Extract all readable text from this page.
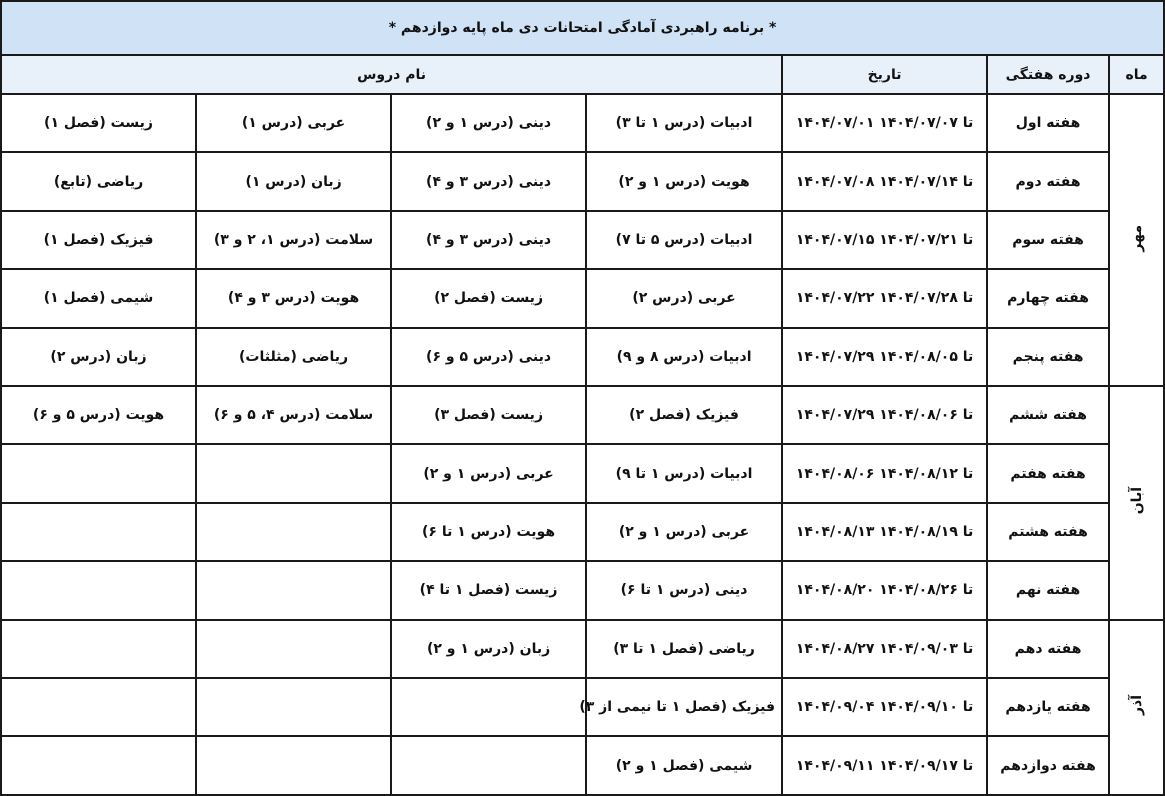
* برنامه راهبردی آمادگی امتحانات دی ماه پایه دوازدهم *						
ماه	دوره هفتگی	تاریخ	نام دروس			
مهر	هفته اول	۱۴۰۴/۰۷/۰۱ تا ۱۴۰۴/۰۷/۰۷	ادبیات (درس ۱ تا ۳)	دینی (درس ۱ و ۲)	عربی (درس ۱)	زیست (فصل ۱)
	هفته دوم	۱۴۰۴/۰۷/۰۸ تا ۱۴۰۴/۰۷/۱۴	هویت (درس ۱ و ۲)	دینی (درس ۳ و ۴)	زبان (درس ۱)	ریاضی (تابع)
	هفته سوم	۱۴۰۴/۰۷/۱۵ تا ۱۴۰۴/۰۷/۲۱	ادبیات (درس ۵ تا ۷)	دینی (درس ۳ و ۴)	سلامت (درس ۱، ۲ و ۳)	فیزیک (فصل ۱)
	هفته چهارم	۱۴۰۴/۰۷/۲۲ تا ۱۴۰۴/۰۷/۲۸	عربی (درس ۲)	زیست (فصل ۲)	هویت (درس ۳ و ۴)	شیمی (فصل ۱)
	هفته پنجم	۱۴۰۴/۰۷/۲۹ تا ۱۴۰۴/۰۸/۰۵	ادبیات (درس ۸ و ۹)	دینی (درس ۵ و ۶)	ریاضی (مثلثات)	زبان (درس ۲)
آبان	هفته ششم	۱۴۰۴/۰۷/۲۹ تا ۱۴۰۴/۰۸/۰۶	فیزیک (فصل ۲)	زیست (فصل ۳)	سلامت (درس ۴، ۵ و ۶)	هویت (درس ۵ و ۶)
	هفته هفتم	۱۴۰۴/۰۸/۰۶ تا ۱۴۰۴/۰۸/۱۲	ادبیات (درس ۱ تا ۹)	عربی (درس ۱ و ۲)		
	هفته هشتم	۱۴۰۴/۰۸/۱۳ تا ۱۴۰۴/۰۸/۱۹	عربی (درس ۱ و ۲)	هویت (درس ۱ تا ۶)		
	هفته نهم	۱۴۰۴/۰۸/۲۰ تا ۱۴۰۴/۰۸/۲۶	دینی (درس ۱ تا ۶)	زیست (فصل ۱ تا ۴)		
آذر	هفته دهم	۱۴۰۴/۰۸/۲۷ تا ۱۴۰۴/۰۹/۰۳	ریاضی (فصل ۱ تا ۳)	زبان (درس ۱ و ۲)		
	هفته یازدهم	۱۴۰۴/۰۹/۰۴ تا ۱۴۰۴/۰۹/۱۰	فیزیک (فصل ۱ تا نیمی از ۳)			
	هفته دوازدهم	۱۴۰۴/۰۹/۱۱ تا ۱۴۰۴/۰۹/۱۷	شیمی (فصل ۱ و ۲)			
